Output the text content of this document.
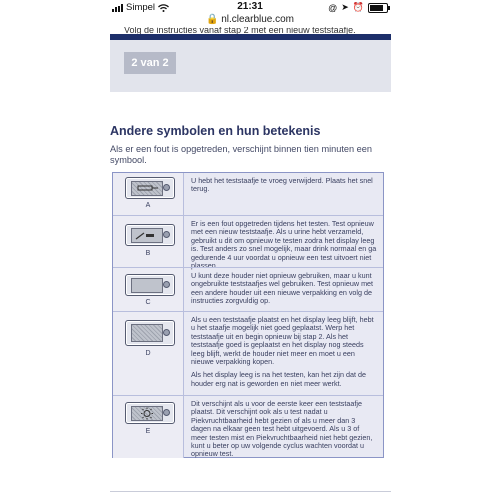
Simpel	21:31	@ ➤ ⏰
🔒 nl.clearblue.com
Volg de instructies vanaf stap 2 met een nieuw teststaafje.
2 van 2
Andere symbolen en hun betekenis
Als er een fout is opgetreden, verschijnt binnen tien minuten een symbool.
A

U hebt het teststaafje te vroeg verwijderd. Plaats het snel terug.

B

Er is een fout opgetreden tijdens het testen. Test opnieuw met een nieuw teststaafje. Als u urine hebt verzameld, gebruikt u dit om opnieuw te testen zodra het display leeg is. Test anders zo snel mogelijk, maar drink normaal en ga gedurende 4 uur voordat u opnieuw een test uitvoert niet plassen.

C

U kunt deze houder niet opnieuw gebruiken, maar u kunt ongebruikte teststaafjes wel gebruiken. Test opnieuw met een andere houder uit een nieuwe verpakking en volg de instructies zorgvuldig op.

D

Als u een teststaafje plaatst en het display leeg blijft, hebt u het staafje mogelijk niet goed geplaatst. Werp het teststaafje uit en begin opnieuw bij stap 2. Als het teststaafje goed is geplaatst en het display nog steeds leeg blijft, werkt de houder niet meer en moet u een nieuwe verpakking kopen.

Als het display leeg is na het testen, kan het zijn dat de houder erg nat is geworden en niet meer werkt.

E

Dit verschijnt als u voor de eerste keer een teststaafje plaatst. Dit verschijnt ook als u test nadat u Piekvruchtbaarheid hebt gezien of als u meer dan 3 dagen na elkaar geen test hebt uitgevoerd. Als u 3 of meer testen mist en Piekvruchtbaarheid niet hebt gezien, kunt u beter op uw volgende cyclus wachten voordat u opnieuw test.
